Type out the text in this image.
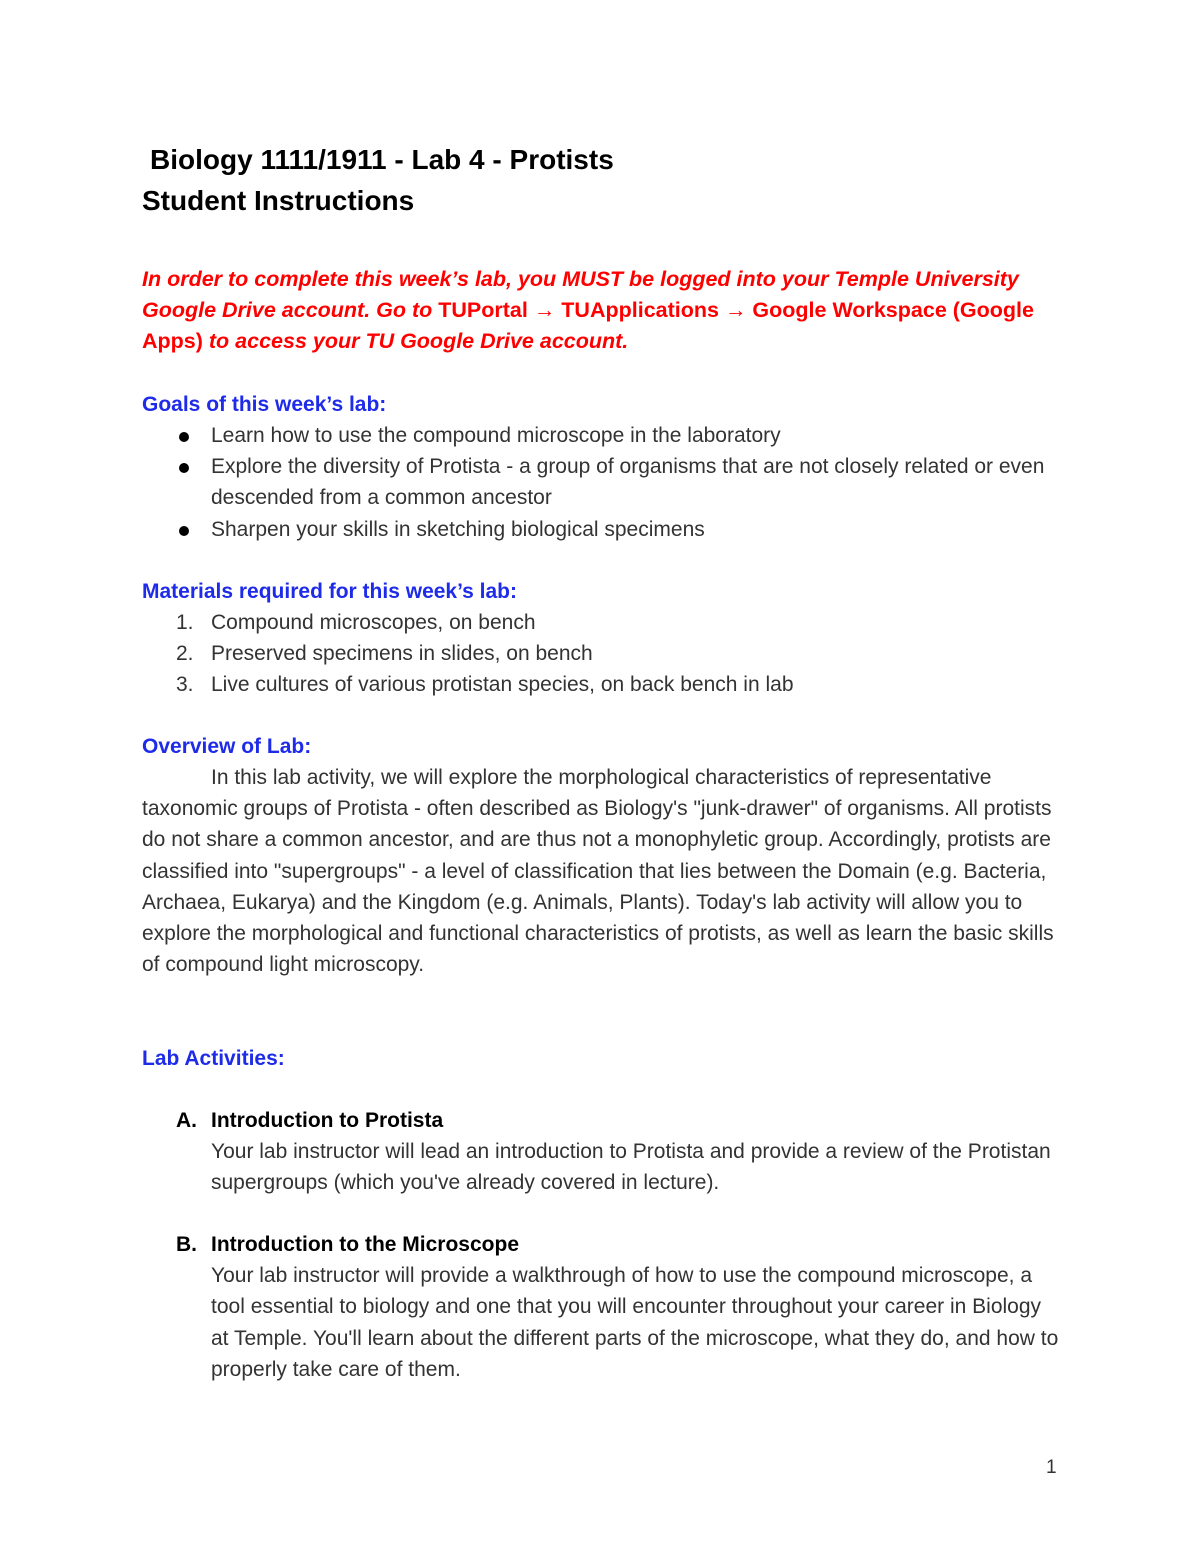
Biology 1111/1911 - Lab 4 - Protists
Student Instructions
In order to complete this week’s lab, you MUST be logged into your Temple University Google Drive account. Go to TUPortal → TUApplications → Google Workspace (Google Apps) to access your TU Google Drive account.
Goals of this week’s lab:
Learn how to use the compound microscope in the laboratory
Explore the diversity of Protista - a group of organisms that are not closely related or even descended from a common ancestor
Sharpen your skills in sketching biological specimens
Materials required for this week’s lab:
1. Compound microscopes, on bench
2. Preserved specimens in slides, on bench
3. Live cultures of various protistan species, on back bench in lab
Overview of Lab:

In this lab activity, we will explore the morphological characteristics of representative taxonomic groups of Protista - often described as Biology's "junk-drawer" of organisms. All protists do not share a common ancestor, and are thus not a monophyletic group. Accordingly, protists are classified into "supergroups" - a level of classification that lies between the Domain (e.g. Bacteria, Archaea, Eukarya) and the Kingdom (e.g. Animals, Plants). Today's lab activity will allow you to explore the morphological and functional characteristics of protists, as well as learn the basic skills of compound light microscopy.

Lab Activities:
A. Introduction to Protista
Your lab instructor will lead an introduction to Protista and provide a review of the Protistan supergroups (which you've already covered in lecture).
B. Introduction to the Microscope
Your lab instructor will provide a walkthrough of how to use the compound microscope, a tool essential to biology and one that you will encounter throughout your career in Biology at Temple. You'll learn about the different parts of the microscope, what they do, and how to properly take care of them.
1
